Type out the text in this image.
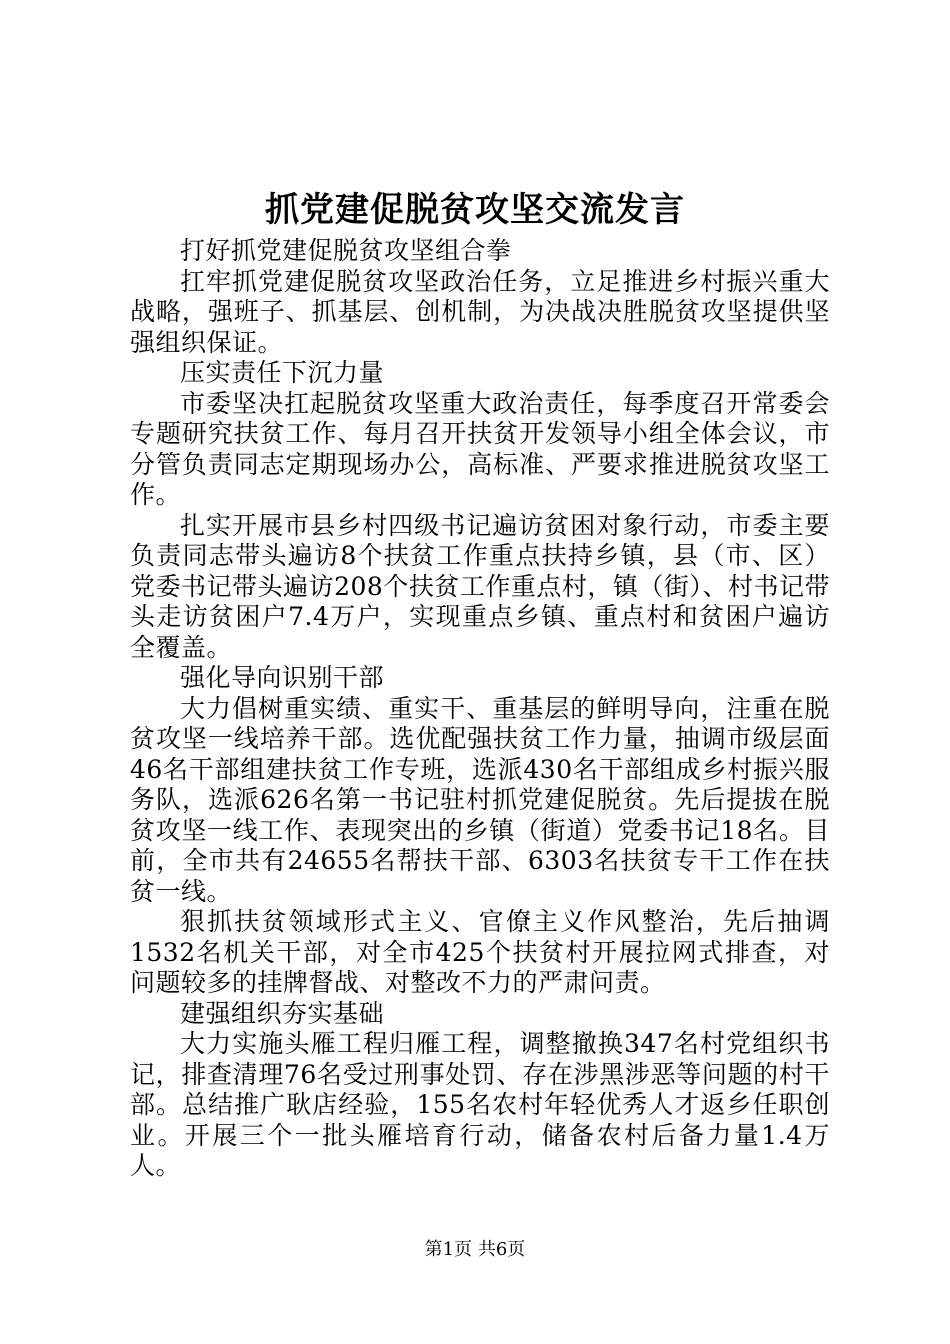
抓党建促脱贫攻坚交流发言

打好抓党建促脱贫攻坚组合拳

扛牢抓党建促脱贫攻坚政治任务，立足推进乡村振兴重大战略，强班子、抓基层、创机制，为决战决胜脱贫攻坚提供坚强组织保证。

压实责任下沉力量

市委坚决扛起脱贫攻坚重大政治责任，每季度召开常委会专题研究扶贫工作、每月召开扶贫开发领导小组全体会议，市分管负责同志定期现场办公，高标准、严要求推进脱贫攻坚工作。

扎实开展市县乡村四级书记遍访贫困对象行动，市委主要负责同志带头遍访8个扶贫工作重点扶持乡镇，县（市、区）党委书记带头遍访208个扶贫工作重点村，镇（街）、村书记带头走访贫困户7.4万户，实现重点乡镇、重点村和贫困户遍访全覆盖。

强化导向识别干部

大力倡树重实绩、重实干、重基层的鲜明导向，注重在脱贫攻坚一线培养干部。选优配强扶贫工作力量，抽调市级层面46名干部组建扶贫工作专班，选派430名干部组成乡村振兴服务队，选派626名第一书记驻村抓党建促脱贫。先后提拔在脱贫攻坚一线工作、表现突出的乡镇（街道）党委书记18名。目前，全市共有24655名帮扶干部、6303名扶贫专干工作在扶贫一线。

狠抓扶贫领域形式主义、官僚主义作风整治，先后抽调1532名机关干部，对全市425个扶贫村开展拉网式排查，对问题较多的挂牌督战、对整改不力的严肃问责。

建强组织夯实基础

大力实施头雁工程归雁工程，调整撤换347名村党组织书记，排查清理76名受过刑事处罚、存在涉黑涉恶等问题的村干部。总结推广耿店经验，155名农村年轻优秀人才返乡任职创业。开展三个一批头雁培育行动，储备农村后备力量1.4万人。

第1页 共6页
